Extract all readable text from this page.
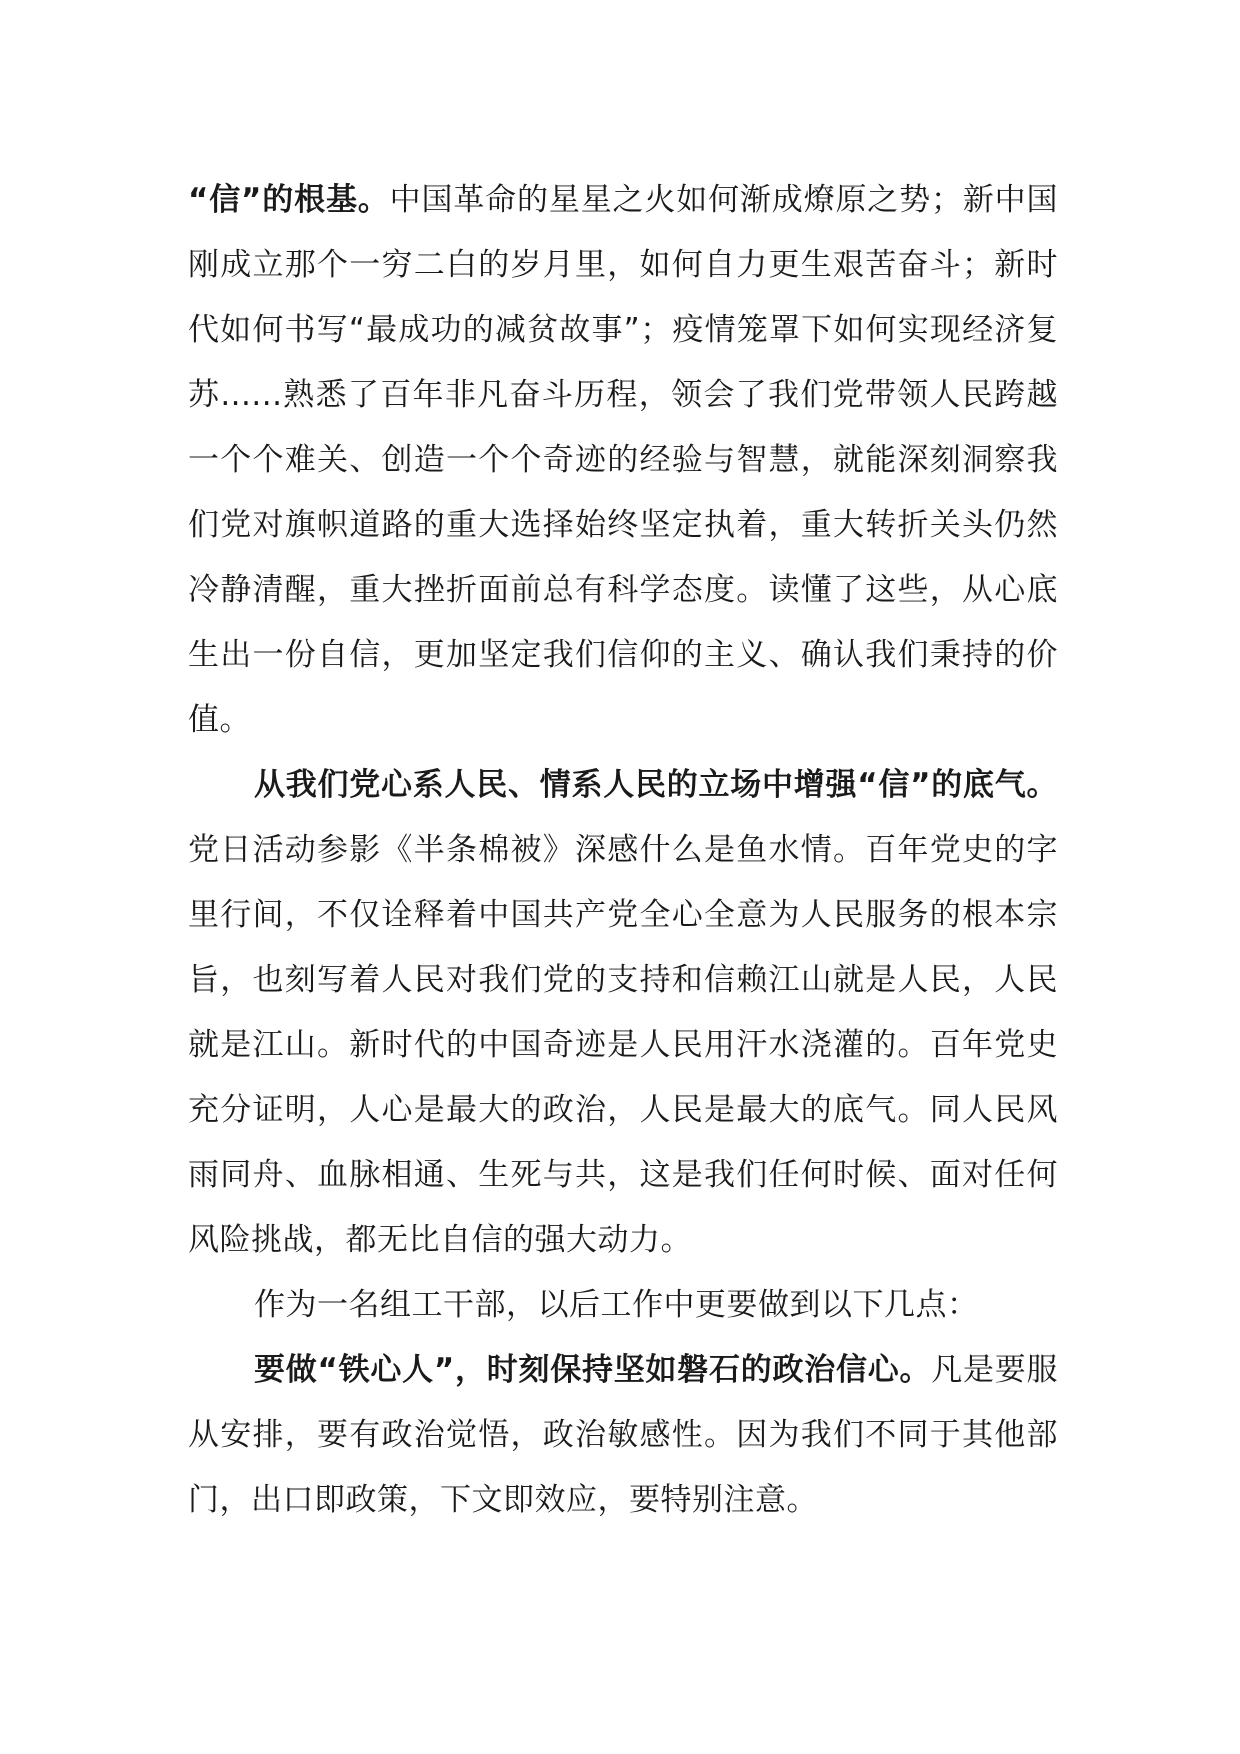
“信”的根基。中国革命的星星之火如何渐成燎原之势；新中国刚成立那个一穷二白的岁月里，如何自力更生艰苦奋斗；新时代如何书写“最成功的减贫故事”；疫情笼罩下如何实现经济复苏......熟悉了百年非凡奋斗历程，领会了我们党带领人民跨越一个个难关、创造一个个奇迹的经验与智慧，就能深刻洞察我们党对旗帜道路的重大选择始终坚定执着，重大转折关头仍然冷静清醒，重大挫折面前总有科学态度。读懂了这些，从心底生出一份自信，更加坚定我们信仰的主义、确认我们秉持的价值。

从我们党心系人民、情系人民的立场中增强“信”的底气。党日活动参影《半条棉被》深感什么是鱼水情。百年党史的字里行间，不仅诠释着中国共产党全心全意为人民服务的根本宗旨，也刻写着人民对我们党的支持和信赖江山就是人民，人民就是江山。新时代的中国奇迹是人民用汗水浇灌的。百年党史充分证明，人心是最大的政治，人民是最大的底气。同人民风雨同舟、血脉相通、生死与共，这是我们任何时候、面对任何风险挑战，都无比自信的强大动力。

作为一名组工干部，以后工作中更要做到以下几点：

要做“铁心人”，时刻保持坚如磐石的政治信心。凡是要服从安排，要有政治觉悟，政治敏感性。因为我们不同于其他部门，出口即政策，下文即效应，要特别注意。
